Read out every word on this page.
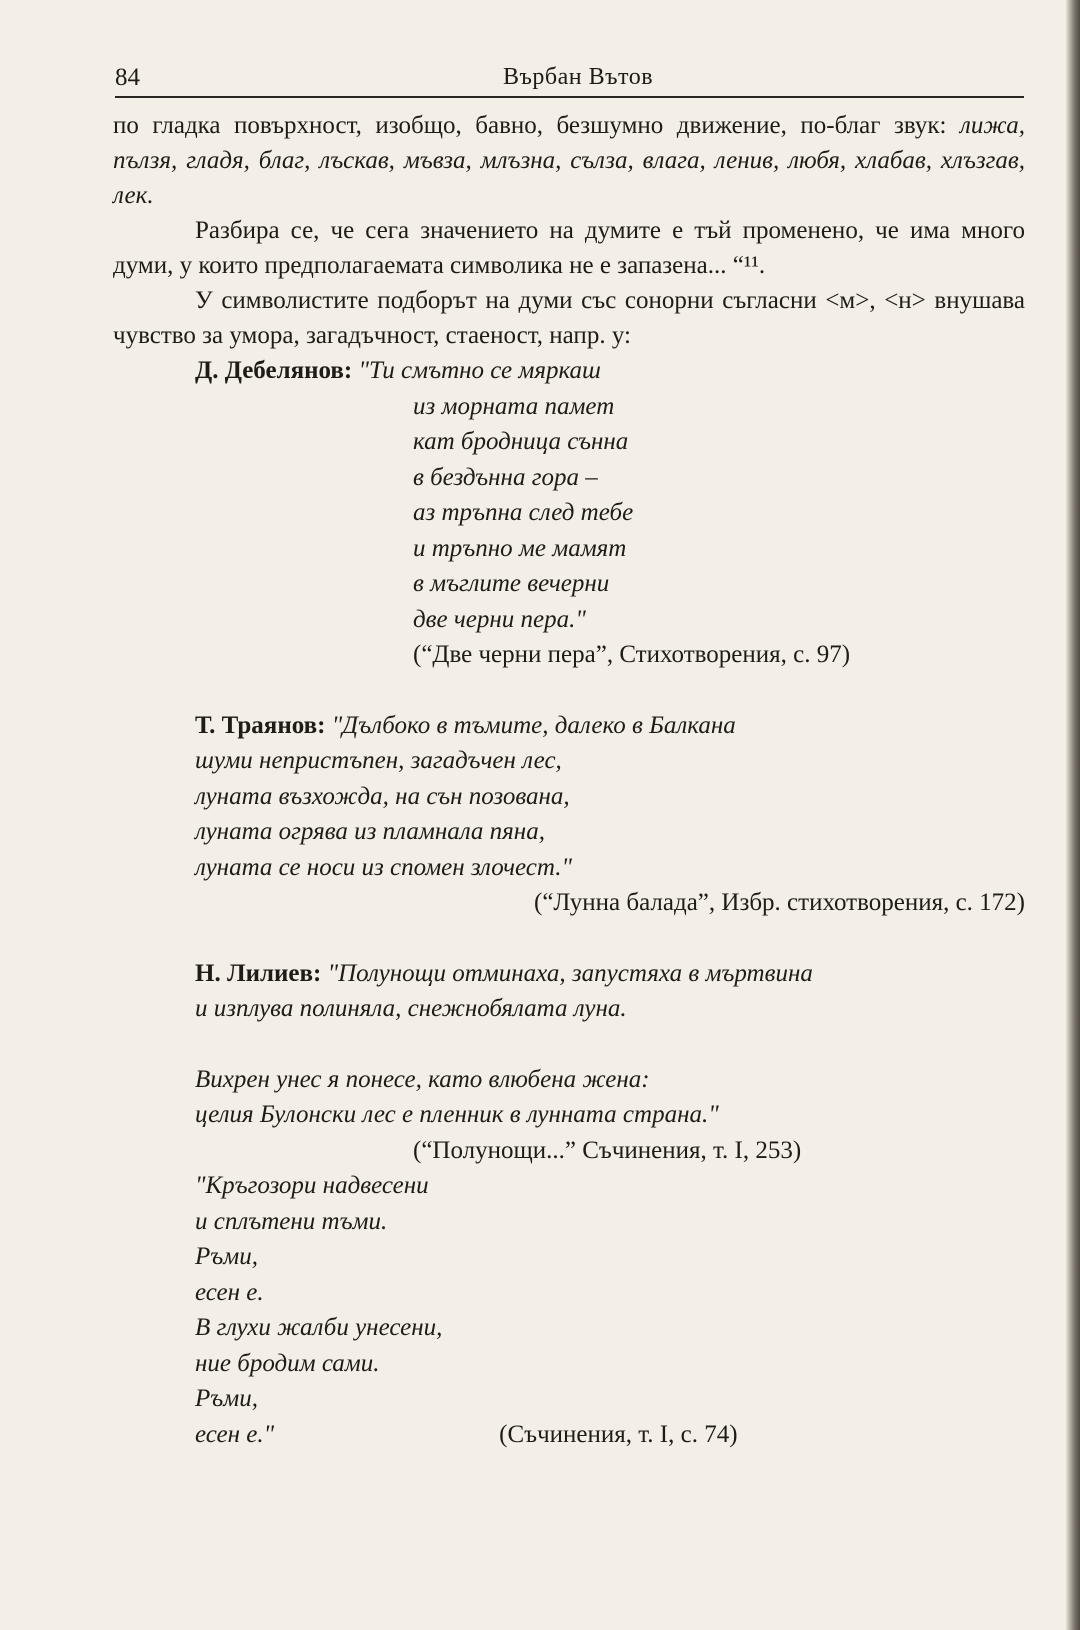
84	Върбан Вътов

по гладка повърхност, изобщо, бавно, безшумно движение, по-благ звук: лижа, пълзя, гладя, благ, лъскав, мъвза, млъзна, сълза, влага, ленив, любя, хлабав, хлъзгав, лек.

Разбира се, че сега значението на думите е тъй променено, че има много думи, у които предполагаемата символика не е запазена... “¹¹.

У символистите подборът на думи със сонорни съгласни <м>, <н> внушава чувство за умора, загадъчност, стаеност, напр. у:

Д. Дебелянов: "Ти смътно се мяркаш
из морната памет
кат бродница сънна
в бездънна гора –
аз тръпна след тебе
и тръпно ме мамят
в мъглите вечерни
две черни пера."
(“Две черни пера”, Стихотворения, с. 97)
Т. Траянов: "Дълбоко в тъмите, далеко в Балкана
шуми непристъпен, загадъчен лес,
луната възхожда, на сън позована,
луната огрява из пламнала пяна,
луната се носи из спомен злочест."
(“Лунна балада”, Избр. стихотворения, с. 172)
Н. Лилиев: "Полунощи отминаха, запустяха в мъртвина
и изплува полиняла, снежнобялата луна.
Вихрен унес я понесе, като влюбена жена:
целия Булонски лес е пленник в лунната страна."
(“Полунощи...” Съчинения, т. I, 253)
"Кръгозори надвесени
и сплътени тъми.
Ръми,
есен е.
В глухи жалби унесени,
ние бродим сами.
Ръми,
есен е."	(Съчинения, т. I, с. 74)
